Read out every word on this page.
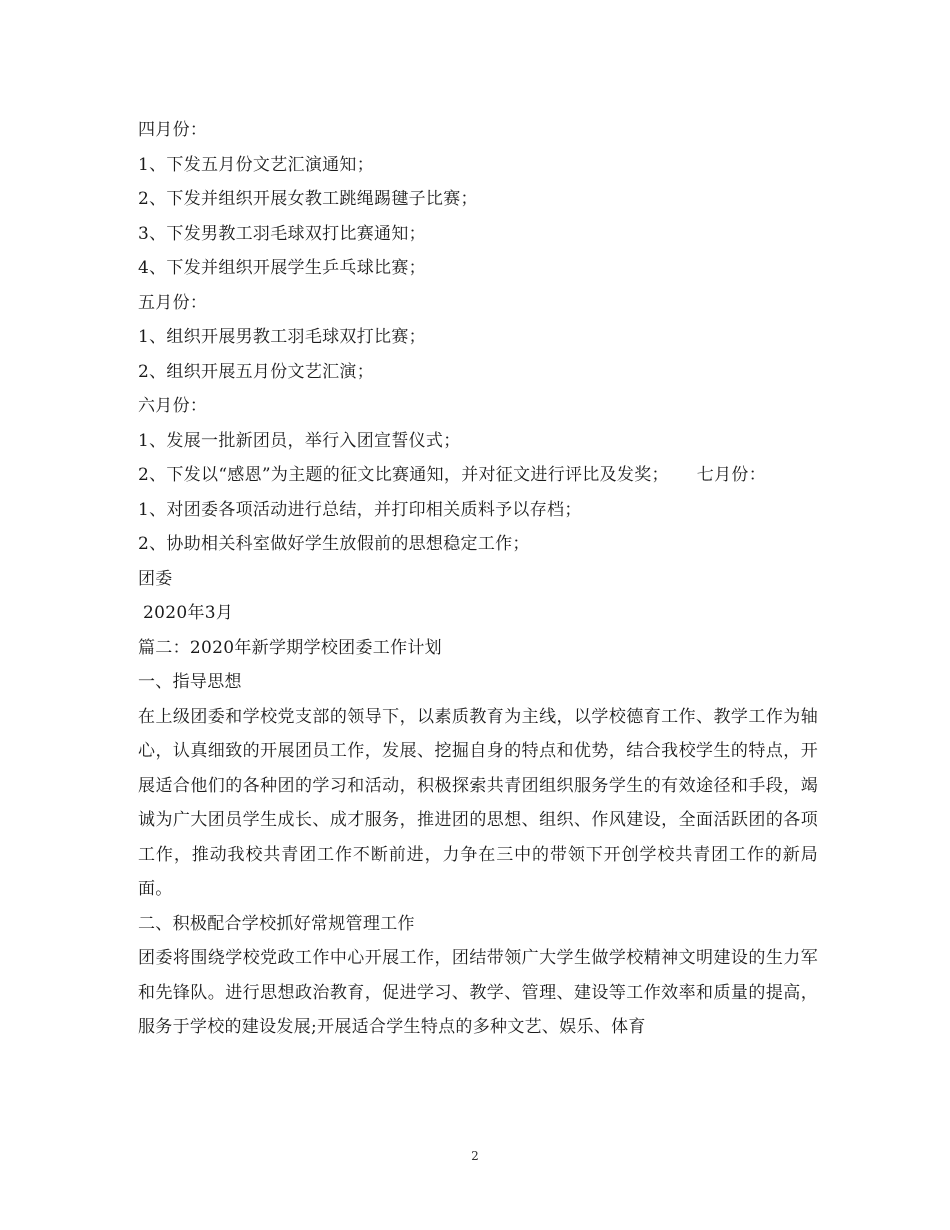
四月份：
1、下发五月份文艺汇演通知；
2、下发并组织开展女教工跳绳踢毽子比赛；
3、下发男教工羽毛球双打比赛通知；
4、下发并组织开展学生乒乓球比赛；
五月份：
1、组织开展男教工羽毛球双打比赛；
2、组织开展五月份文艺汇演；
六月份：
1、发展一批新团员，举行入团宣誓仪式；
2、下发以“感恩”为主题的征文比赛通知，并对征文进行评比及发奖； 七月份：
1、对团委各项活动进行总结，并打印相关质料予以存档；
2、协助相关科室做好学生放假前的思想稳定工作；
团委
2020年3月
篇二：2020年新学期学校团委工作计划
一、指导思想
在上级团委和学校党支部的领导下，以素质教育为主线，以学校德育工作、教学工作为轴心，认真细致的开展团员工作，发展、挖掘自身的特点和优势，结合我校学生的特点，开展适合他们的各种团的学习和活动，积极探索共青团组织服务学生的有效途径和手段，竭诚为广大团员学生成长、成才服务，推进团的思想、组织、作风建设，全面活跃团的各项工作，推动我校共青团工作不断前进，力争在三中的带领下开创学校共青团工作的新局面。
二、积极配合学校抓好常规管理工作
团委将围绕学校党政工作中心开展工作，团结带领广大学生做学校精神文明建设的生力军和先锋队。进行思想政治教育，促进学习、教学、管理、建设等工作效率和质量的提高，服务于学校的建设发展;开展适合学生特点的多种文艺、娱乐、体育
2
